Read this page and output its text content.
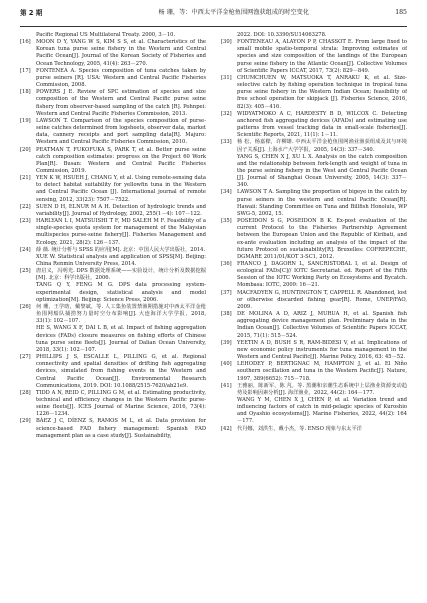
第 2 期	杨 珊，等：中西太平洋金枪鱼围网渔获组成的时空变化	185
Pacific Regional US Multilateral Treaty. 2000, 3－10.
[16]	MOON D Y, YANG W S, KIM S S, et al. Characteristics of the Korean tuna purse seine fishery in the Western and Central Pacific Ocean[J]. Journal of the Korean Society of Fisheries and Ocean Technology, 2005, 41(4): 263－270.
[17]	FONTENEA A. Species composition of tuna catches taken by purse seiners [R]. USA: Western and Central Pacific Fisheries Commission, 2008.
[18]	POWERS J E. Review of SPC estimation of species and size composition of the Western and Central Pacific purse seine fishery from observer-based sampling of the catch [R]. Pohnpei: Western and Central Pacific Fisheries Commission, 2013.
[19]	LAWSON T. Comparison of the species composition of purse-seine catches determined from logsheets, observer data, market data, cannery receipts and port sampling data[R]. Majuro: Western and Central Pacific Fisheries Commission, 2010.
[20]	PEATMAN T, FUKOFUKA S, PARK T, et al. Better purse seine catch composition estimates: progress on the Project 60 Work Plan[R]. Busan: Western and Central Pacific Fisheries Commission, 2019.
[21]	YEN K W, HSUEH J, CHANG Y, et al. Using remote-sensing data to detect habitat suitability for yellowfin tuna in the Western and Central Pacific Ocean [J]. International journal of remote sensing, 2012, 33(23): 7507－7522.
[22]	SUEN D H, ELNUR M A H. Detection of hydrologic trends and variability[J]. Journal of Hydrology, 2002, 255(1－4): 107－122.
[23]	HARLYAN L I, MATSUISHI T F, MD SALEH M F. Feasibility of a single-species quota system for management of the Malaysian multispecies purse-seine fishery[J]. Fisheries Management and Ecology, 2021, 28(2): 126－137.
[24]	薛 薇. 统计分析与 SPSS 的应用[M]. 北京：中国人民大学出版社，2014.
XUE W. Statistical analysis and application of SPSS[M]. Beijing: China Renmin University Press, 2014.
[25]	唐启义，冯明光. DPS 数据处理系统——实验设计，统计分析及数据挖掘[M]. 北京：科学出版社，2006.
TANG Q Y, FENG M G. DPS data processing system-experimental design, statistical analysis and model optimization[M]. Beijing: Science Press, 2006.
[26]	何 珊，王学昉，戴黎斌，等. 人工集鱼装置禁渔期措施对中西太平洋金枪鱼围网船队捕捞努力量时空分布影响[J]. 大连海洋大学学报，2018, 33(1): 102－107.
HE S, WANG X F, DAI L B, et al. Impact of fishing aggregation devices (FADs) closure measures on fishing efforts of Chinese tuna purse seine fleets[J]. Journal of Dalian Ocean University, 2018, 33(1): 102－107.
[27]	PHILLIPS J S, ESCALLE L, PILLING G, et al. Regional connectivity and spatial densities of drifting fish aggregating devices, simulated from fishing events in the Western and Central Pacific Ocean[J]. Environmental Research Communications, 2019. DOI: 10.1088/2515-7620/ab21e9.
[28]	TIDD A N, REID C, PILLING G M, et al. Estimating productivity, technical and efficiency changes in the Western Pacific purse-seine fleets[J]. ICES Journal of Marine Science, 2016, 73(4): 1226－1234.
[29]	BÁEZ J C, DÍENZ S, RAMOS M L, et al. Data provision for science-based FAD fishery management: Spanish FAD management plan as a case study[J]. Sustainability,
2022. DOI: 10.3390/SU14063278.
[30]	FONTENEAU A, ALAYON P P, CHASSOT E. From large fixed to small mobile spatio-temporal strata: Improving estimates of species and size composition of the landings of the European purse seine fishery in the Atlantic Ocean[J]. Collective Volumes of Scientific Papers ICCAT, 2017, 73(2): 829－849.
[31]	CHUMCHUEN W, MATSUOKA T, ANRAKU K, et al. Size-selective catch by fishing operation technique in tropical tuna purse seine fishery in the Western Indian Ocean; feasibility of free school operation for skipjack [J]. Fisheries Science, 2016, 82(3): 405－416.
[32]	WIDYATMOKO A C, HARDESTY B D, WILCOX C. Detecting anchored fish aggregating devices (AFADs) and estimating use patterns from vessel tracking data in small-scale fisheries[J]. Scientific Reports, 2021, 11(1): 1－11.
[33]	杨 松，杨嘉樑，许柳雄. 中西太平洋金枪鱼围网渔业渔获组成及其与环境因子关系[J]. 上海水产大学学报，2005, 14(3): 337－340.
YANG S, CHEN X J, XU L X. Analysis on the catch composition and the relationship between fork-length and weight of tuna in the purse seining fishery in the West and Central Pacific Ocean [J]. Journal of Shanghai Ocean University, 2005, 14(3): 337－340.
[34]	LAWSON T A. Sampling the proportion of bigeye in the catch by purse seiners in the western and central Pacific Ocean[R]. Hawaii: Standing Committee on Tuna and Billfish Honolulu, WP SWG-5, 2002, 15.
[35]	POSEIDON S G, POSEIDON B K. Ex-post evaluation of the current Protocol to the Fisheries Partnership Agreement between the European Union and the Republic of Kiribati, and ex-ante evaluation including an analysis of the impact of the future Protocol on sustainability[R]. Bruxelles: COFREPECHE, DGMARE 2011/01/KOT 3-SC1, 2012.
[36]	FRANCO J, DAGORN L, SANCRISTOBAL I, et al. Design of ecological FADs[C]// IOTC Secretariat. ed. Report of the Fifth Session of the IOTC Working Party on Ecosystems and Bycatch. Mombasa: IOTC, 2009: 16－21.
[37]	MACFADYEN G, HUNTINGTON T, CAPPELL R. Abandoned, lost or otherwise discarded fishing gear[R]. Rome, UNEP/FAO, 2009.
[38]	DE MOLINA A D, ARIZ J, MURUA H, et al. Spanish fish aggregating device management plan. Preliminary data in the Indian Ocean[J]. Collective Volumes of Scientific Papers ICCAT, 2015, 71(1): 515－524.
[39]	YEETIN A D, BUSH S R, RAM-BIDESI V, et al. Implications of new economic policy instruments for tuna management in the Western and Central Pacific[J]. Marine Policy, 2016, 63: 45－52.
[40]	LEHODEY P, BERTIGNAC M, HAMPTON J, et al. El Niño southern oscillation and tuna in the Western Pacific[J]. Nature, 1997, 389(6652): 715－718.
[41]	王雅丽，陈新军，陈 芃，等. 黑潮和亲潮生态系统中上层渔业资源变动趋势及影响因素分析[J]. 海洋渔业，2022, 44(2): 164－177.
WANG Y M, CHEN X J, CHEN P, et al. Variation trend and influencing factors of catch in mid-pelagic species of Kuroshio and Oyashio ecosystems[J]. Marine Fisheries, 2022, 44(2): 164－177.
[42]	代丹娜，刘洪生，戴小杰，等. ENSO 现象与东太平洋
